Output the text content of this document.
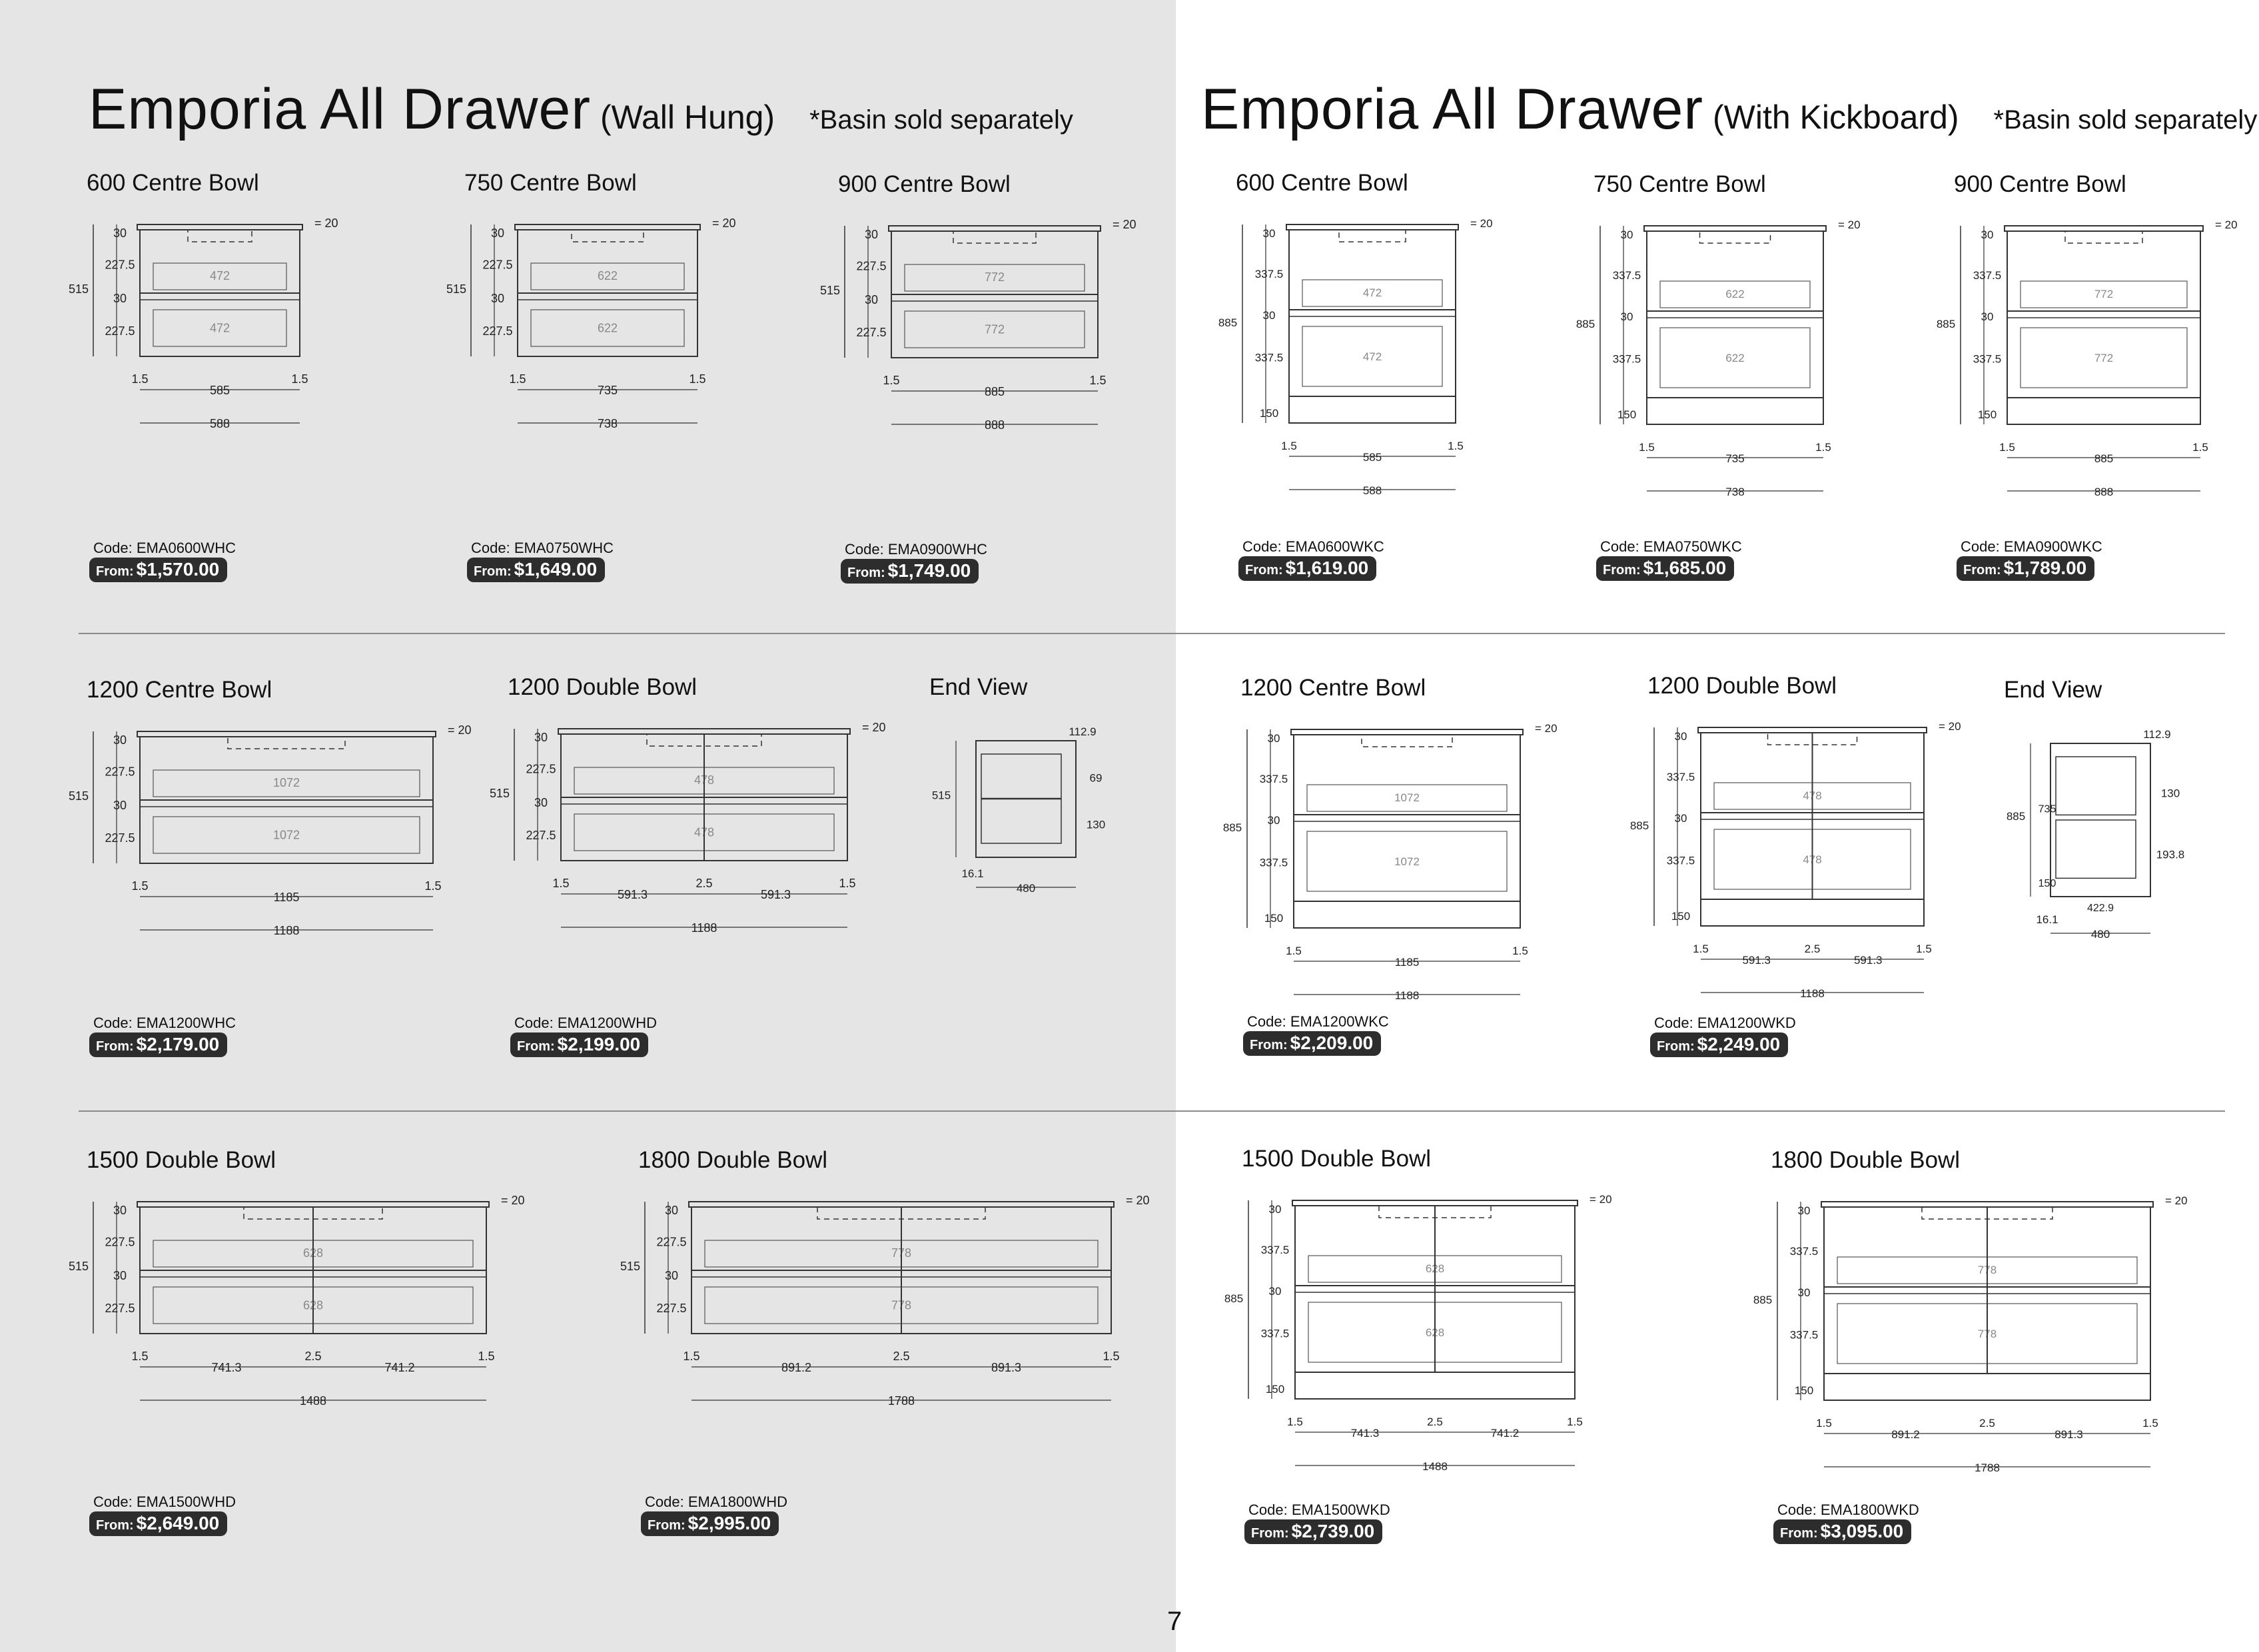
Emporia All Drawer (Wall Hung) *Basin sold separately Emporia All Drawer (With Kickboard) *Basin sold separately
600 Centre Bowl
= 20
472
472
515
30
227.5
30
227.5
1.5	1.5
585
588
Code: EMA0600WHC
From: $1,570.00
750 Centre Bowl
= 20
622
622
515
30
227.5
30
227.5
1.5	1.5
735
738
Code: EMA0750WHC
From: $1,649.00
900 Centre Bowl
= 20
772
772
515
30
227.5
30
227.5
1.5	1.5
885
888
Code: EMA0900WHC
From: $1,749.00
1200 Centre Bowl
= 20
1072
1072
515
30
227.5
30
227.5
1.5	1.5
1185
1188
Code: EMA1200WHC
From: $2,179.00
1200 Double Bowl
= 20
478
478
515
30
227.5
30
227.5
1.5	1.5
2.5
591.3	591.3
1188
Code: EMA1200WHD
From: $2,199.00
1500 Double Bowl
= 20
628
628
515
30
227.5
30
227.5
1.5	1.5
2.5
741.3	741.2
1488
Code: EMA1500WHD
From: $2,649.00
1800 Double Bowl
= 20
778
778
515
30
227.5
30
227.5
1.5	1.5
2.5
891.2	891.3
1788
Code: EMA1800WHD
From: $2,995.00
End View
515
112.9
69
130
16.1
480
600 Centre Bowl
= 20
472
472
885
30
337.5
30
337.5
150
1.5	1.5
585
588
Code: EMA0600WKC
From: $1,619.00
750 Centre Bowl
= 20
622
622
885
30
337.5
30
337.5
150
1.5	1.5
735
738
Code: EMA0750WKC
From: $1,685.00
900 Centre Bowl
= 20
772
772
885
30
337.5
30
337.5
150
1.5	1.5
885
888
Code: EMA0900WKC
From: $1,789.00
1200 Centre Bowl
= 20
1072
1072
885
30
337.5
30
337.5
150
1.5	1.5
1185
1188
Code: EMA1200WKC
From: $2,209.00
1200 Double Bowl
= 20
478
478
885
30
337.5
30
337.5
150
1.5	1.5
2.5
591.3	591.3
1188
Code: EMA1200WKD
From: $2,249.00
1500 Double Bowl
= 20
628
628
885
30
337.5
30
337.5
150
1.5	1.5
2.5
741.3	741.2
1488
Code: EMA1500WKD
From: $2,739.00
1800 Double Bowl
= 20
778
778
885
30
337.5
30
337.5
150
1.5	1.5
2.5
891.2	891.3
1788
Code: EMA1800WKD
From: $3,095.00
End View
885
112.9
130
193.8
735
150
422.9
16.1
480
7
